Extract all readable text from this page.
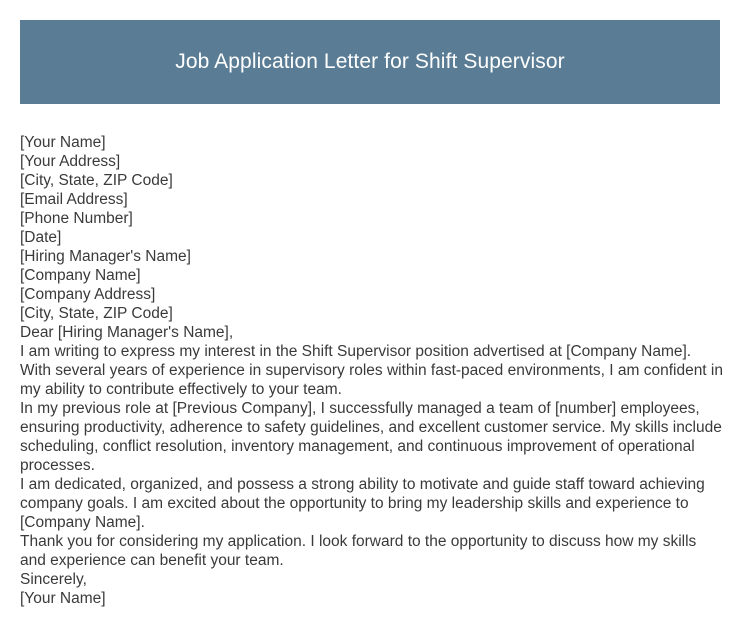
Job Application Letter for Shift Supervisor

[Your Name]

[Your Address]

[City, State, ZIP Code]

[Email Address]

[Phone Number]

[Date]

[Hiring Manager's Name]

[Company Name]

[Company Address]

[City, State, ZIP Code]

Dear [Hiring Manager's Name],

I am writing to express my interest in the Shift Supervisor position advertised at [Company Name]. With several years of experience in supervisory roles within fast-paced environments, I am confident in my ability to contribute effectively to your team.

In my previous role at [Previous Company], I successfully managed a team of [number] employees, ensuring productivity, adherence to safety guidelines, and excellent customer service. My skills include scheduling, conflict resolution, inventory management, and continuous improvement of operational processes.

I am dedicated, organized, and possess a strong ability to motivate and guide staff toward achieving company goals. I am excited about the opportunity to bring my leadership skills and experience to [Company Name].

Thank you for considering my application. I look forward to the opportunity to discuss how my skills and experience can benefit your team.

Sincerely,

[Your Name]
